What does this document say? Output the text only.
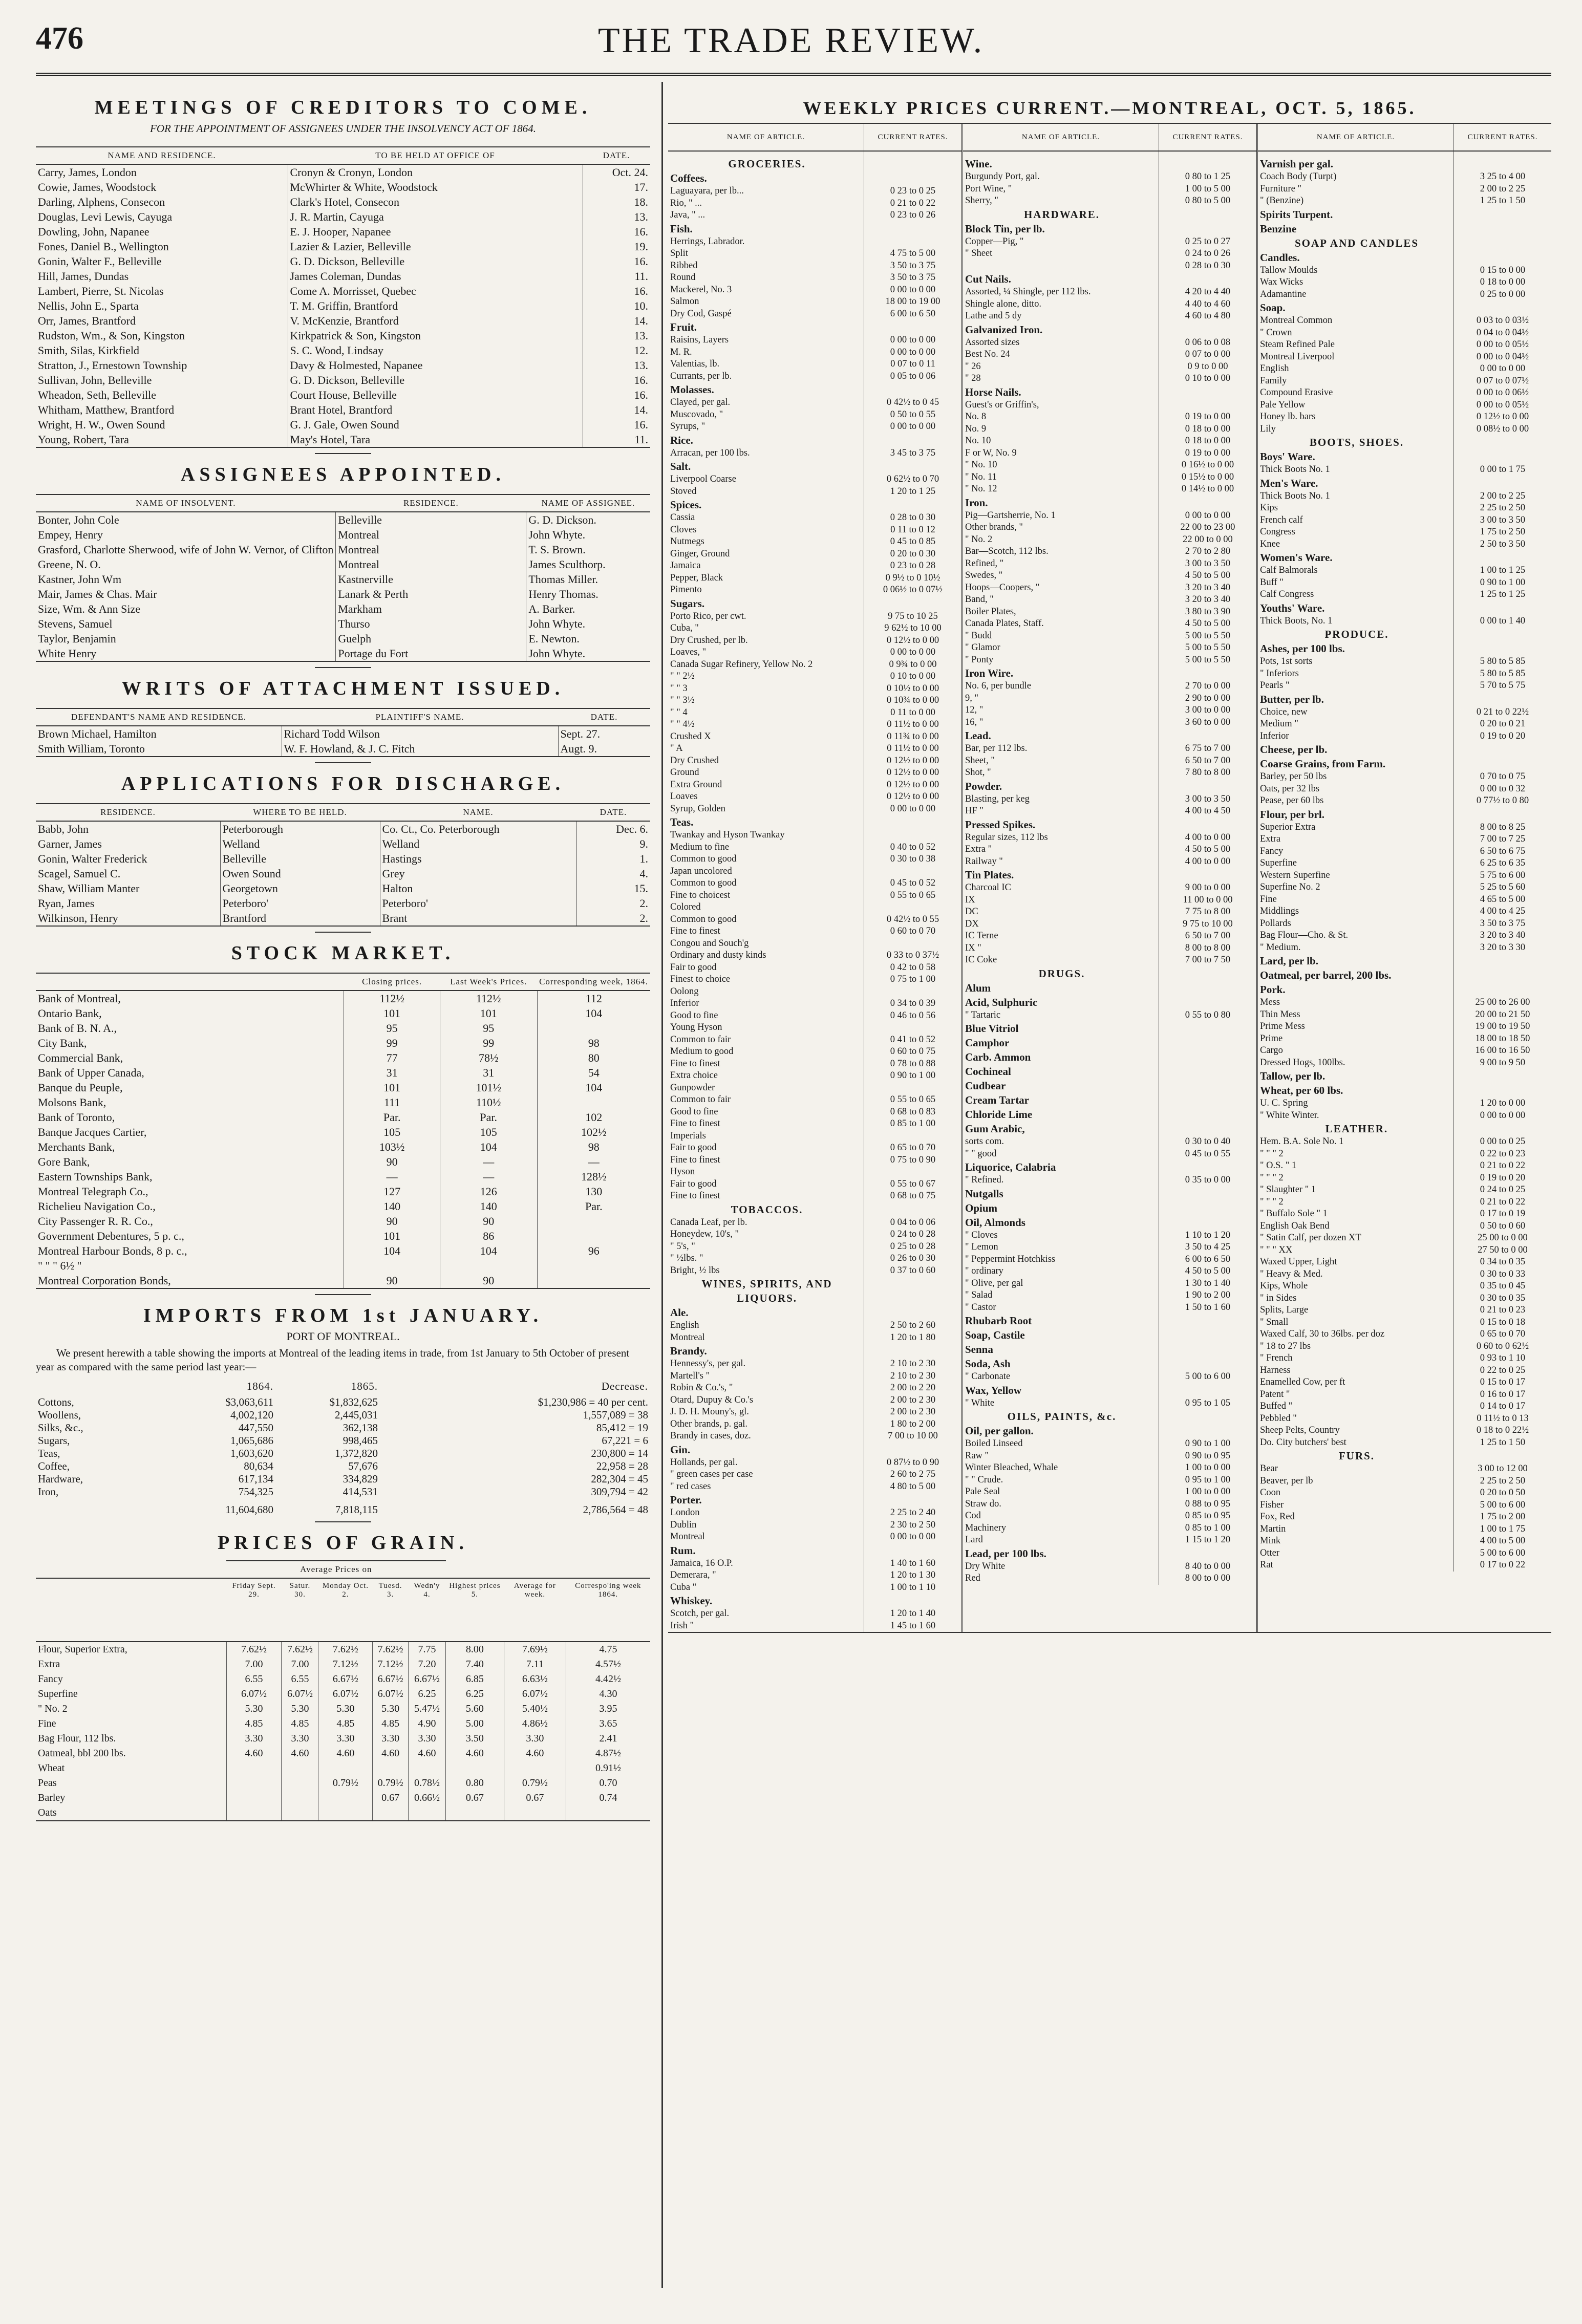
476	THE TRADE REVIEW.
MEETINGS OF CREDITORS TO COME.
FOR THE APPOINTMENT OF ASSIGNEES UNDER THE INSOLVENCY ACT OF 1864.
NAME AND RESIDENCE.	TO BE HELD AT OFFICE OF	DATE.
Carry, James, London	Cronyn & Cronyn, London	Oct. 24.
Cowie, James, Woodstock	McWhirter & White, Woodstock	17.
Darling, Alphens, Consecon	Clark's Hotel, Consecon	18.
Douglas, Levi Lewis, Cayuga	J. R. Martin, Cayuga	13.
Dowling, John, Napanee	E. J. Hooper, Napanee	16.
Fones, Daniel B., Wellington	Lazier & Lazier, Belleville	19.
Gonin, Walter F., Belleville	G. D. Dickson, Belleville	16.
Hill, James, Dundas	James Coleman, Dundas	11.
Lambert, Pierre, St. Nicolas	Come A. Morrisset, Quebec	16.
Nellis, John E., Sparta	T. M. Griffin, Brantford	10.
Orr, James, Brantford	V. McKenzie, Brantford	14.
Rudston, Wm., & Son, Kingston	Kirkpatrick & Son, Kingston	13.
Smith, Silas, Kirkfield	S. C. Wood, Lindsay	12.
Stratton, J., Ernestown Township	Davy & Holmested, Napanee	13.
Sullivan, John, Belleville	G. D. Dickson, Belleville	16.
Wheadon, Seth, Belleville	Court House, Belleville	16.
Whitham, Matthew, Brantford	Brant Hotel, Brantford	14.
Wright, H. W., Owen Sound	G. J. Gale, Owen Sound	16.
Young, Robert, Tara	May's Hotel, Tara	11.
ASSIGNEES APPOINTED.
NAME OF INSOLVENT.	RESIDENCE.	NAME OF ASSIGNEE.
Bonter, John Cole	Belleville	G. D. Dickson.
Empey, Henry	Montreal	John Whyte.
Grasford, Charlotte Sherwood, wife of John W. Vernor, of Clifton	Montreal	T. S. Brown.
Greene, N. O.	Montreal	James Sculthorp.
Kastner, John Wm	Kastnerville	Thomas Miller.
Mair, James & Chas. Mair	Lanark & Perth	Henry Thomas.
Size, Wm. & Ann Size	Markham	A. Barker.
Stevens, Samuel	Thurso	John Whyte.
Taylor, Benjamin	Guelph	E. Newton.
White Henry	Portage du Fort	John Whyte.
WRITS OF ATTACHMENT ISSUED.
DEFENDANT'S NAME AND RESIDENCE.	PLAINTIFF'S NAME.	DATE.
Brown Michael, Hamilton	Richard Todd Wilson	Sept. 27.
Smith William, Toronto	W. F. Howland, & J. C. Fitch	Augt. 9.
APPLICATIONS FOR DISCHARGE.
RESIDENCE.	WHERE TO BE HELD.	NAME.	DATE.
Babb, John	Peterborough	Co. Ct., Co. Peterborough	Dec. 6.
Garner, James	Welland	Welland	9.
Gonin, Walter Frederick	Belleville	Hastings	1.
Scagel, Samuel C.	Owen Sound	Grey	4.
Shaw, William Manter	Georgetown	Halton	15.
Ryan, James	Peterboro'	Peterboro'	2.
Wilkinson, Henry	Brantford	Brant	2.
STOCK MARKET.
	Closing prices.	Last Week's Prices.	Corresponding week, 1864.
Bank of Montreal,	112½	112½	112
Ontario Bank,	101	101	104
Bank of B. N. A.,	95	95	
City Bank,	99	99	98
Commercial Bank,	77	78½	80
Bank of Upper Canada,	31	31	54
Banque du Peuple,	101	101½	104
Molsons Bank,	111	110½	
Bank of Toronto,	Par.	Par.	102
Banque Jacques Cartier,	105	105	102½
Merchants Bank,	103½	104	98
Gore Bank,	90	—	—
Eastern Townships Bank,	—	—	128½
Montreal Telegraph Co.,	127	126	130
Richelieu Navigation Co.,	140	140	Par.
City Passenger R. R. Co.,	90	90	
Government Debentures, 5 p. c.,	101	86	
Montreal Harbour Bonds, 8 p. c.,	104	104	96
" " " 6½ "			
Montreal Corporation Bonds,	90	90	
IMPORTS FROM 1st JANUARY.
PORT OF MONTREAL.

We present herewith a table showing the imports at Montreal of the leading items in trade, from 1st January to 5th October of present year as compared with the same period last year:—

	1864.	1865.	Decrease.
Cottons,	$3,063,611	$1,832,625	$1,230,986 = 40 per cent.
Woollens,	4,002,120	2,445,031	1,557,089 = 38
Silks, &c.,	447,550	362,138	85,412 = 19
Sugars,	1,065,686	998,465	67,221 = 6
Teas,	1,603,620	1,372,820	230,800 = 14
Coffee,	80,634	57,676	22,958 = 28
Hardware,	617,134	334,829	282,304 = 45
Iron,	754,325	414,531	309,794 = 42
	11,604,680	7,818,115	2,786,564 = 48
PRICES OF GRAIN.
	Average Prices on							
	Friday Sept. 29.	Satur. 30.	Monday Oct. 2.	Tuesd. 3.	Wedn'y 4.	Highest prices 5.	Average for week.	Correspo'ing week 1864.
Flour, Superior Extra,	7.62½	7.62½	7.62½	7.62½	7.75	8.00	7.69½	4.75
Extra	7.00	7.00	7.12½	7.12½	7.20	7.40	7.11	4.57½
Fancy	6.55	6.55	6.67½	6.67½	6.67½	6.85	6.63½	4.42½
Superfine	6.07½	6.07½	6.07½	6.07½	6.25	6.25	6.07½	4.30
" No. 2	5.30	5.30	5.30	5.30	5.47½	5.60	5.40½	3.95
Fine	4.85	4.85	4.85	4.85	4.90	5.00	4.86½	3.65
Bag Flour, 112 lbs.	3.30	3.30	3.30	3.30	3.30	3.50	3.30	2.41
Oatmeal, bbl 200 lbs.	4.60	4.60	4.60	4.60	4.60	4.60	4.60	4.87½
Wheat								0.91½
Peas			0.79½	0.79½	0.78½	0.80	0.79½	0.70
Barley				0.67	0.66½	0.67	0.67	0.74
Oats								
WEEKLY PRICES CURRENT.—MONTREAL, OCT. 5, 1865.
NAME OF ARTICLE.	CURRENT RATES.
GROCERIES.
Coffees.
Laguayara, per lb...	0 23 to 0 25
Rio, " ...	0 21 to 0 22
Java, " ...	0 23 to 0 26
Fish.
Herrings, Labrador.
Split	4 75 to 5 00
Ribbed	3 50 to 3 75
Round	3 50 to 3 75
Mackerel, No. 3	0 00 to 0 00
Salmon	18 00 to 19 00
Dry Cod, Gaspé	6 00 to 6 50
Fruit.
Raisins, Layers	0 00 to 0 00
M. R.	0 00 to 0 00
Valentias, lb.	0 07 to 0 11
Currants, per lb.	0 05 to 0 06
Molasses.
Clayed, per gal.	0 42½ to 0 45
Muscovado, "	0 50 to 0 55
Syrups, "	0 00 to 0 00
Rice.
Arracan, per 100 lbs.	3 45 to 3 75
Salt.
Liverpool Coarse	0 62½ to 0 70
Stoved	1 20 to 1 25
Spices.
Cassia	0 28 to 0 30
Cloves	0 11 to 0 12
Nutmegs	0 45 to 0 85
Ginger, Ground	0 20 to 0 30
Jamaica	0 23 to 0 28
Pepper, Black	0 9½ to 0 10½
Pimento	0 06½ to 0 07½
Sugars.
Porto Rico, per cwt.	9 75 to 10 25
Cuba, "	9 62½ to 10 00
Dry Crushed, per lb.	0 12½ to 0 00
Loaves, "	0 00 to 0 00
Canada Sugar Refinery, Yellow No. 2	0 9¾ to 0 00
" " 2½	0 10 to 0 00
" " 3	0 10½ to 0 00
" " 3½	0 10¾ to 0 00
" " 4	0 11 to 0 00
" " 4½	0 11½ to 0 00
Crushed X	0 11¾ to 0 00
" A	0 11½ to 0 00
Dry Crushed	0 12½ to 0 00
Ground	0 12½ to 0 00
Extra Ground	0 12½ to 0 00
Loaves	0 12½ to 0 00
Syrup, Golden	0 00 to 0 00
Teas.
Twankay and Hyson Twankay
Medium to fine	0 40 to 0 52
Common to good	0 30 to 0 38
Japan uncolored
Common to good	0 45 to 0 52
Fine to choicest	0 55 to 0 65
Colored
Common to good	0 42½ to 0 55
Fine to finest	0 60 to 0 70
Congou and Souch'g
Ordinary and dusty kinds	0 33 to 0 37½
Fair to good	0 42 to 0 58
Finest to choice	0 75 to 1 00
Oolong
Inferior	0 34 to 0 39
Good to fine	0 46 to 0 56
Young Hyson
Common to fair	0 41 to 0 52
Medium to good	0 60 to 0 75
Fine to finest	0 78 to 0 88
Extra choice	0 90 to 1 00
Gunpowder
Common to fair	0 55 to 0 65
Good to fine	0 68 to 0 83
Fine to finest	0 85 to 1 00
Imperials
Fair to good	0 65 to 0 70
Fine to finest	0 75 to 0 90
Hyson
Fair to good	0 55 to 0 67
Fine to finest	0 68 to 0 75
TOBACCOS.
Canada Leaf, per lb.	0 04 to 0 06
Honeydew, 10's, "	0 24 to 0 28
" 5's, "	0 25 to 0 28
" ½lbs. "	0 26 to 0 30
Bright, ½ lbs	0 37 to 0 60
WINES, SPIRITS, AND LIQUORS.
Ale.
English	2 50 to 2 60
Montreal	1 20 to 1 80
Brandy.
Hennessy's, per gal.	2 10 to 2 30
Martell's "	2 10 to 2 30
Robin & Co.'s, "	2 00 to 2 20
Otard, Dupuy & Co.'s	2 00 to 2 30
J. D. H. Mouny's, gl.	2 00 to 2 30
Other brands, p. gal.	1 80 to 2 00
Brandy in cases, doz.	7 00 to 10 00
Gin.
Hollands, per gal.	0 87½ to 0 90
" green cases per case	2 60 to 2 75
" red cases	4 80 to 5 00
Porter.
London	2 25 to 2 40
Dublin	2 30 to 2 50
Montreal	0 00 to 0 00
Rum.
Jamaica, 16 O.P.	1 40 to 1 60
Demerara, "	1 20 to 1 30
Cuba "	1 00 to 1 10
Whiskey.
Scotch, per gal.	1 20 to 1 40
Irish "	1 45 to 1 60
NAME OF ARTICLE.	CURRENT RATES.
Wine.
Burgundy Port, gal.	0 80 to 1 25
Port Wine, "	1 00 to 5 00
Sherry, "	0 80 to 5 00
HARDWARE.
Block Tin, per lb.
Copper—Pig, "	0 25 to 0 27
" Sheet	0 24 to 0 26
0 28 to 0 30
Cut Nails.
Assorted, ¼ Shingle, per 112 lbs.	4 20 to 4 40
Shingle alone, ditto.	4 40 to 4 60
Lathe and 5 dy	4 60 to 4 80
Galvanized Iron.
Assorted sizes	0 06 to 0 08
Best No. 24	0 07 to 0 00
" 26	0 9 to 0 00
" 28	0 10 to 0 00
Horse Nails.
Guest's or Griffin's,
No. 8	0 19 to 0 00
No. 9	0 18 to 0 00
No. 10	0 18 to 0 00
F or W, No. 9	0 19 to 0 00
" No. 10	0 16½ to 0 00
" No. 11	0 15½ to 0 00
" No. 12	0 14½ to 0 00
Iron.
Pig—Gartsherrie, No. 1	0 00 to 0 00
Other brands, "	22 00 to 23 00
" No. 2	22 00 to 0 00
Bar—Scotch, 112 lbs.	2 70 to 2 80
Refined, "	3 00 to 3 50
Swedes, "	4 50 to 5 00
Hoops—Coopers, "	3 20 to 3 40
Band, "	3 20 to 3 40
Boiler Plates,	3 80 to 3 90
Canada Plates, Staff.	4 50 to 5 00
" Budd	5 00 to 5 50
" Glamor	5 00 to 5 50
" Ponty	5 00 to 5 50
Iron Wire.
No. 6, per bundle	2 70 to 0 00
9, "	2 90 to 0 00
12, "	3 00 to 0 00
16, "	3 60 to 0 00
Lead.
Bar, per 112 lbs.	6 75 to 7 00
Sheet, "	6 50 to 7 00
Shot, "	7 80 to 8 00
Powder.
Blasting, per keg	3 00 to 3 50
HF "	4 00 to 4 50
Pressed Spikes.
Regular sizes, 112 lbs	4 00 to 0 00
Extra "	4 50 to 5 00
Railway "	4 00 to 0 00
Tin Plates.
Charcoal IC	9 00 to 0 00
IX	11 00 to 0 00
DC	7 75 to 8 00
DX	9 75 to 10 00
IC Terne	6 50 to 7 00
IX "	8 00 to 8 00
IC Coke	7 00 to 7 50
DRUGS.
Alum
Acid, Sulphuric
" Tartaric	0 55 to 0 80
Blue Vitriol
Camphor
Carb. Ammon
Cochineal
Cudbear
Cream Tartar
Chloride Lime
Gum Arabic,
sorts com.	0 30 to 0 40
" " good	0 45 to 0 55
Liquorice, Calabria
" Refined.	0 35 to 0 00
Nutgalls
Opium
Oil, Almonds
" Cloves	1 10 to 1 20
" Lemon	3 50 to 4 25
" Peppermint Hotchkiss	6 00 to 6 50
" ordinary	4 50 to 5 00
" Olive, per gal	1 30 to 1 40
" Salad	1 90 to 2 00
" Castor	1 50 to 1 60
Rhubarb Root
Soap, Castile
Senna
Soda, Ash
" Carbonate	5 00 to 6 00
Wax, Yellow
" White	0 95 to 1 05
OILS, PAINTS, &c.
Oil, per gallon.
Boiled Linseed	0 90 to 1 00
Raw "	0 90 to 0 95
Winter Bleached, Whale	1 00 to 0 00
" " Crude.	0 95 to 1 00
Pale Seal	1 00 to 0 00
Straw do.	0 88 to 0 95
Cod	0 85 to 0 95
Machinery	0 85 to 1 00
Lard	1 15 to 1 20
Lead, per 100 lbs.
Dry White	8 40 to 0 00
Red	8 00 to 0 00
NAME OF ARTICLE.	CURRENT RATES.
Varnish per gal.
Coach Body (Turpt)	3 25 to 4 00
Furniture "	2 00 to 2 25
" (Benzine)	1 25 to 1 50
Spirits Turpent.
Benzine
SOAP AND CANDLES
Candles.
Tallow Moulds	0 15 to 0 00
Wax Wicks	0 18 to 0 00
Adamantine	0 25 to 0 00
Soap.
Montreal Common	0 03 to 0 03½
" Crown	0 04 to 0 04½
Steam Refined Pale	0 00 to 0 05½
Montreal Liverpool	0 00 to 0 04½
English	0 00 to 0 00
Family	0 07 to 0 07½
Compound Erasive	0 00 to 0 06½
Pale Yellow	0 00 to 0 05½
Honey lb. bars	0 12½ to 0 00
Lily	0 08½ to 0 00
BOOTS, SHOES.
Boys' Ware.
Thick Boots No. 1	0 00 to 1 75
Men's Ware.
Thick Boots No. 1	2 00 to 2 25
Kips	2 25 to 2 50
French calf	3 00 to 3 50
Congress	1 75 to 2 50
Knee	2 50 to 3 50
Women's Ware.
Calf Balmorals	1 00 to 1 25
Buff "	0 90 to 1 00
Calf Congress	1 25 to 1 25
Youths' Ware.
Thick Boots, No. 1	0 00 to 1 40
PRODUCE.
Ashes, per 100 lbs.
Pots, 1st sorts	5 80 to 5 85
" Inferiors	5 80 to 5 85
Pearls "	5 70 to 5 75
Butter, per lb.
Choice, new	0 21 to 0 22½
Medium "	0 20 to 0 21
Inferior	0 19 to 0 20
Cheese, per lb.
Coarse Grains, from Farm.
Barley, per 50 lbs	0 70 to 0 75
Oats, per 32 lbs	0 00 to 0 32
Pease, per 60 lbs	0 77½ to 0 80
Flour, per brl.
Superior Extra	8 00 to 8 25
Extra	7 00 to 7 25
Fancy	6 50 to 6 75
Superfine	6 25 to 6 35
Western Superfine	5 75 to 6 00
Superfine No. 2	5 25 to 5 60
Fine	4 65 to 5 00
Middlings	4 00 to 4 25
Pollards	3 50 to 3 75
Bag Flour—Cho. & St.	3 20 to 3 40
" Medium.	3 20 to 3 30
Lard, per lb.
Oatmeal, per barrel, 200 lbs.
Pork.
Mess	25 00 to 26 00
Thin Mess	20 00 to 21 50
Prime Mess	19 00 to 19 50
Prime	18 00 to 18 50
Cargo	16 00 to 16 50
Dressed Hogs, 100lbs.	9 00 to 9 50
Tallow, per lb.
Wheat, per 60 lbs.
U. C. Spring	1 20 to 0 00
" White Winter.	0 00 to 0 00
LEATHER.
Hem. B.A. Sole No. 1	0 00 to 0 25
" " " 2	0 22 to 0 23
" O.S. " 1	0 21 to 0 22
" " " 2	0 19 to 0 20
" Slaughter " 1	0 24 to 0 25
" " " 2	0 21 to 0 22
" Buffalo Sole " 1	0 17 to 0 19
English Oak Bend	0 50 to 0 60
" Satin Calf, per dozen XT	25 00 to 0 00
" " " XX	27 50 to 0 00
Waxed Upper, Light	0 34 to 0 35
" Heavy & Med.	0 30 to 0 33
Kips, Whole	0 35 to 0 45
" in Sides	0 30 to 0 35
Splits, Large	0 21 to 0 23
" Small	0 15 to 0 18
Waxed Calf, 30 to 36lbs. per doz	0 65 to 0 70
" 18 to 27 lbs	0 60 to 0 62½
" French	0 93 to 1 10
Harness	0 22 to 0 25
Enamelled Cow, per ft	0 15 to 0 17
Patent "	0 16 to 0 17
Buffed "	0 14 to 0 17
Pebbled "	0 11½ to 0 13
Sheep Pelts, Country	0 18 to 0 22½
Do. City butchers' best	1 25 to 1 50
FURS.
Bear	3 00 to 12 00
Beaver, per lb	2 25 to 2 50
Coon	0 20 to 0 50
Fisher	5 00 to 6 00
Fox, Red	1 75 to 2 00
Martin	1 00 to 1 75
Mink	4 00 to 5 00
Otter	5 00 to 6 00
Rat	0 17 to 0 22
